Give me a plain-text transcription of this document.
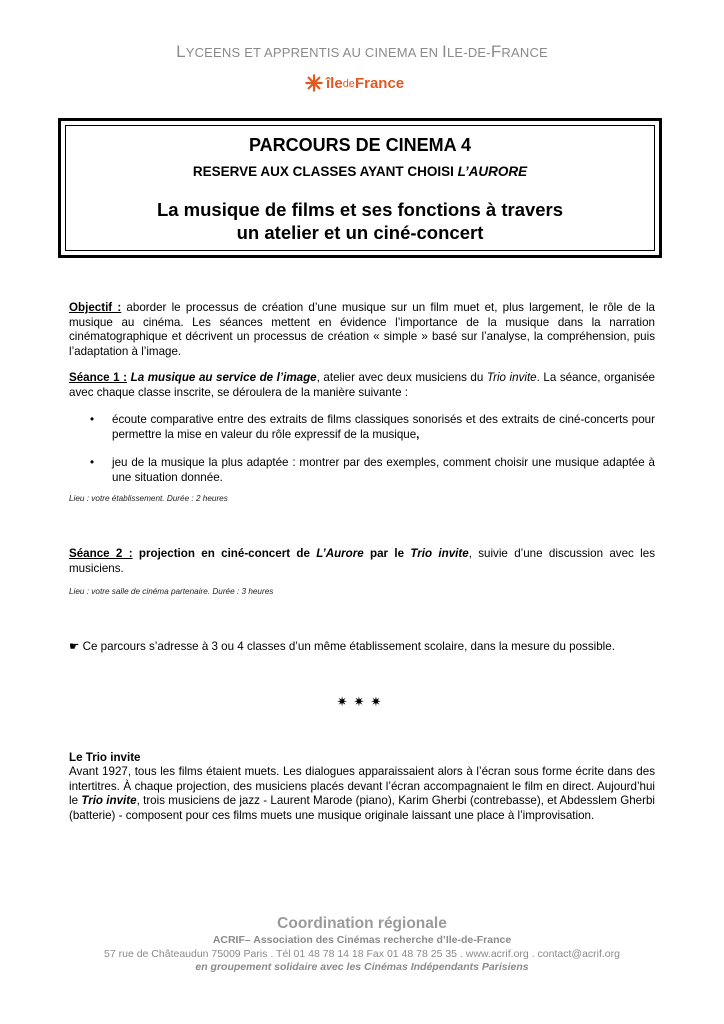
LYCEENS ET APPRENTIS AU CINEMA EN ILE-DE-FRANCE
île de France
PARCOURS DE CINEMA 4
RESERVE AUX CLASSES AYANT CHOISI L’AURORE
La musique de films et ses fonctions à travers
un atelier et un ciné-concert
Objectif : aborder le processus de création d’une musique sur un film muet et, plus largement, le rôle de la musique au cinéma. Les séances mettent en évidence l’importance de la musique dans la narration cinématographique et décrivent un processus de création « simple » basé sur l’analyse, la compréhension, puis l’adaptation à l’image.
Séance 1 : La musique au service de l’image, atelier avec deux musiciens du Trio invite. La séance, organisée avec chaque classe inscrite, se déroulera de la manière suivante :
• écoute comparative entre des extraits de films classiques sonorisés et des extraits de ciné-concerts pour permettre la mise en valeur du rôle expressif de la musique,
• jeu de la musique la plus adaptée : montrer par des exemples, comment choisir une musique adaptée à une situation donnée.
Lieu : votre établissement. Durée : 2 heures
Séance 2 : projection en ciné-concert de L’Aurore par le Trio invite, suivie d’une discussion avec les musiciens.
Lieu : votre salle de cinéma partenaire. Durée : 3 heures
☛ Ce parcours s’adresse à 3 ou 4 classes d’un même établissement scolaire, dans la mesure du possible.
✷✷✷
Le Trio invite
Avant 1927, tous les films étaient muets. Les dialogues apparaissaient alors à l’écran sous forme écrite dans des intertitres. À chaque projection, des musiciens placés devant l’écran accompagnaient le film en direct. Aujourd’hui le Trio invite, trois musiciens de jazz - Laurent Marode (piano), Karim Gherbi (contrebasse), et Abdesslem Gherbi (batterie) - composent pour ces films muets une musique originale laissant une place à l’improvisation.
Coordination régionale
ACRIF– Association des Cinémas recherche d’Ile-de-France
57 rue de Châteaudun 75009 Paris . Tél 01 48 78 14 18 Fax 01 48 78 25 35 . www.acrif.org . contact@acrif.org
en groupement solidaire avec les Cinémas Indépendants Parisiens
